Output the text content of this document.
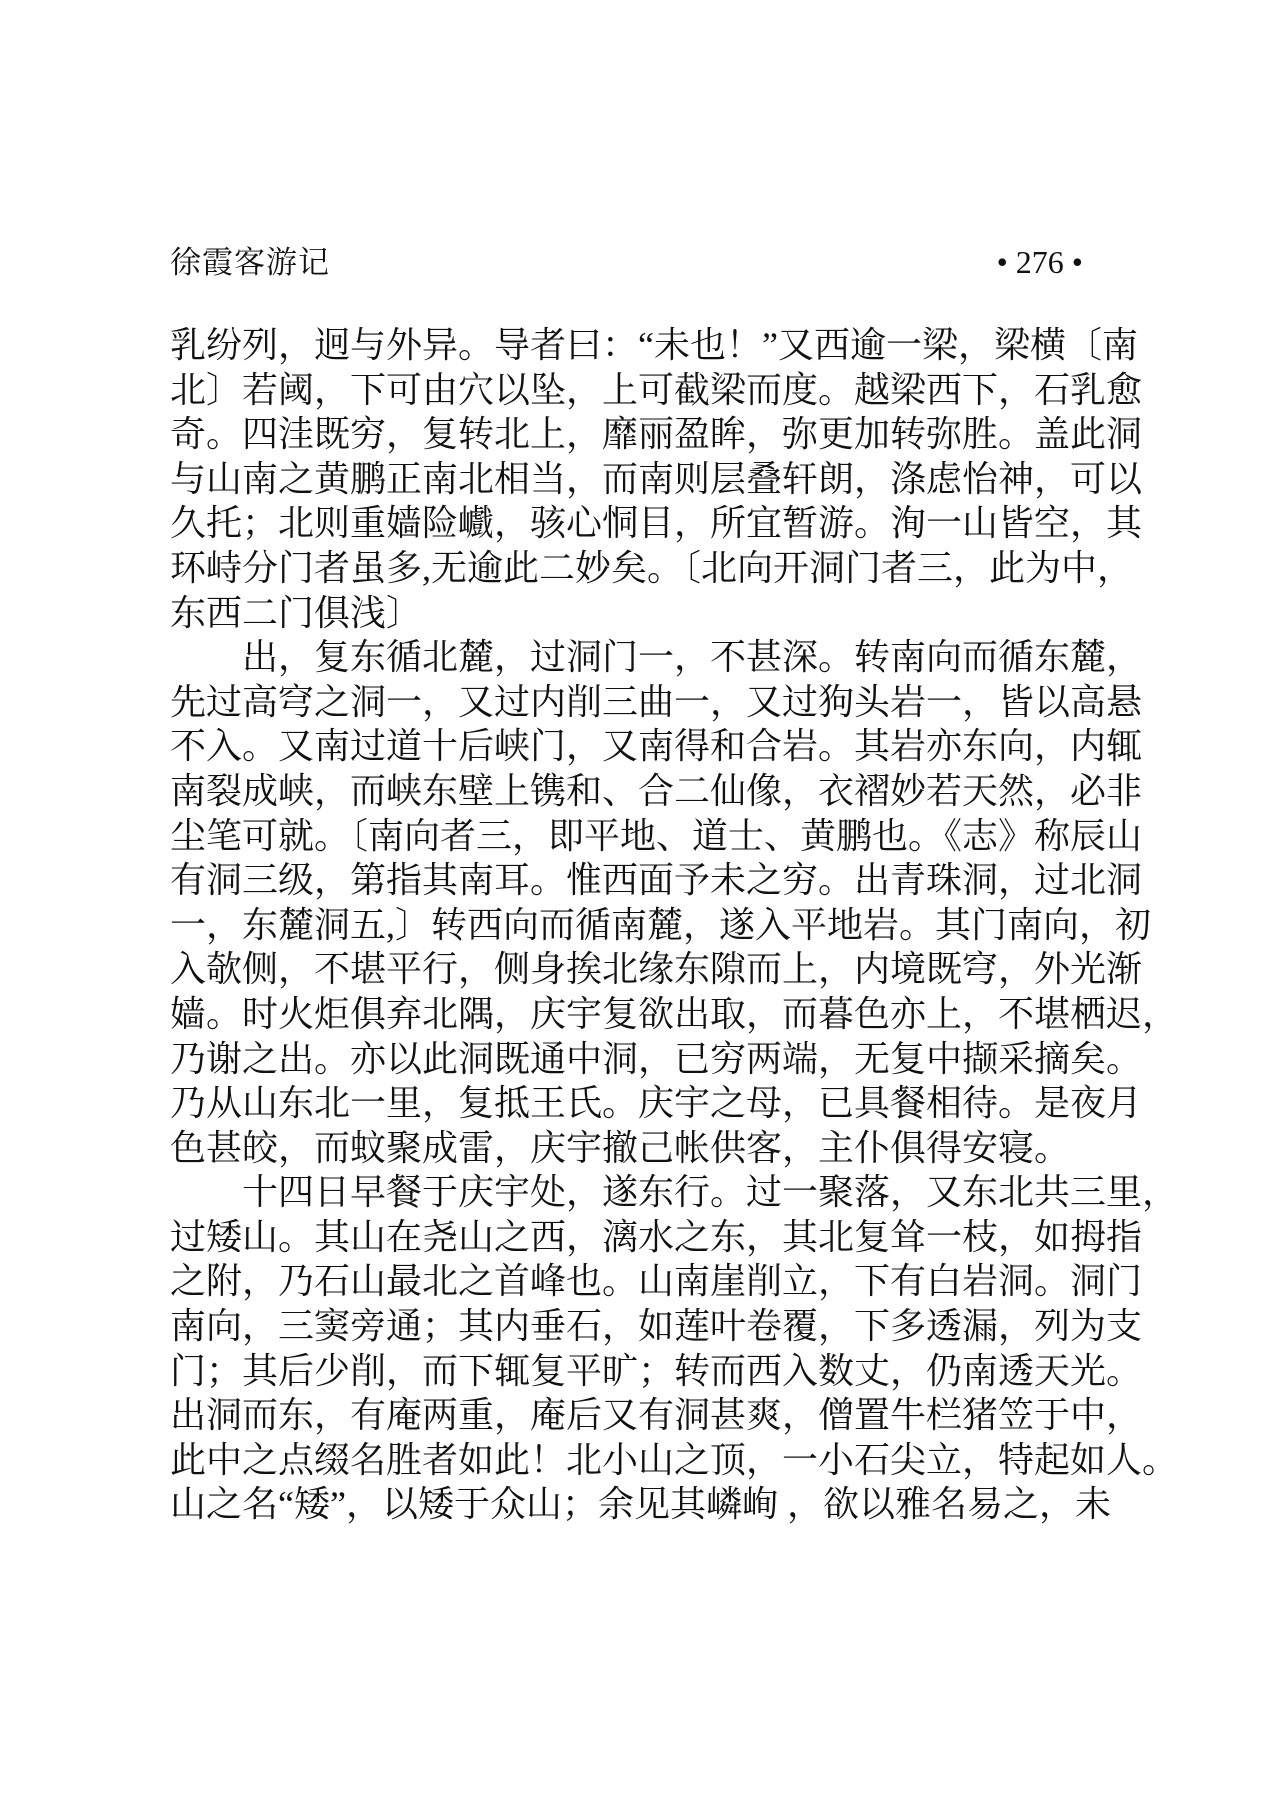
徐霞客游记	• 276 •
乳纷列，迥与外异。导者曰：“未也！”又西逾一梁，梁横〔南
北〕若阈，下可由穴以坠，上可截梁而度。越梁西下，石乳愈
奇。四洼既穷，复转北上，靡丽盈眸，弥更加转弥胜。盖此洞
与山南之黄鹏正南北相当，而南则层叠轩朗，涤虑怡神，可以
久托；北则重嫱险巇，骇心恫目，所宜暂游。洵一山皆空，其
环峙分门者虽多,无逾此二妙矣。〔北向开洞门者三，此为中，
东西二门俱浅〕
出，复东循北麓，过洞门一，不甚深。转南向而循东麓，
先过高穹之洞一，又过内削三曲一，又过狗头岩一，皆以高悬
不入。又南过道十后峡门，又南得和合岩。其岩亦东向，内辄
南裂成峡，而峡东壁上镌和、合二仙像，衣褶妙若天然，必非
尘笔可就。〔南向者三，即平地、道士、黄鹏也。《志》称辰山
有洞三级，第指其南耳。惟西面予未之穷。出青珠洞，过北洞
一，东麓洞五,〕转西向而循南麓，遂入平地岩。其门南向，初
入欹侧，不堪平行，侧身挨北缘东隙而上，内境既穹，外光渐
嫱。时火炬俱弃北隅，庆宇复欲出取，而暮色亦上，不堪栖迟，
乃谢之出。亦以此洞既通中洞，已穷两端，无复中撷采摘矣。
乃从山东北一里，复抵王氏。庆宇之母，已具餐相待。是夜月
色甚皎，而蚊聚成雷，庆宇撤己帐供客，主仆俱得安寝。
十四日早餐于庆宇处，遂东行。过一聚落，又东北共三里，
过矮山。其山在尧山之西，漓水之东，其北复耸一枝，如拇指
之附，乃石山最北之首峰也。山南崖削立，下有白岩洞。洞门
南向，三窦旁通；其内垂石，如莲叶卷覆，下多透漏，列为支
门；其后少削，而下辄复平旷；转而西入数丈，仍南透天光。
出洞而东，有庵两重，庵后又有洞甚爽，僧置牛栏猪笠于中，
此中之点缀名胜者如此！北小山之顶，一小石尖立，特起如人。
山之名“矮”，以矮于众山；余见其嶙峋 ，欲以雅名易之，未
